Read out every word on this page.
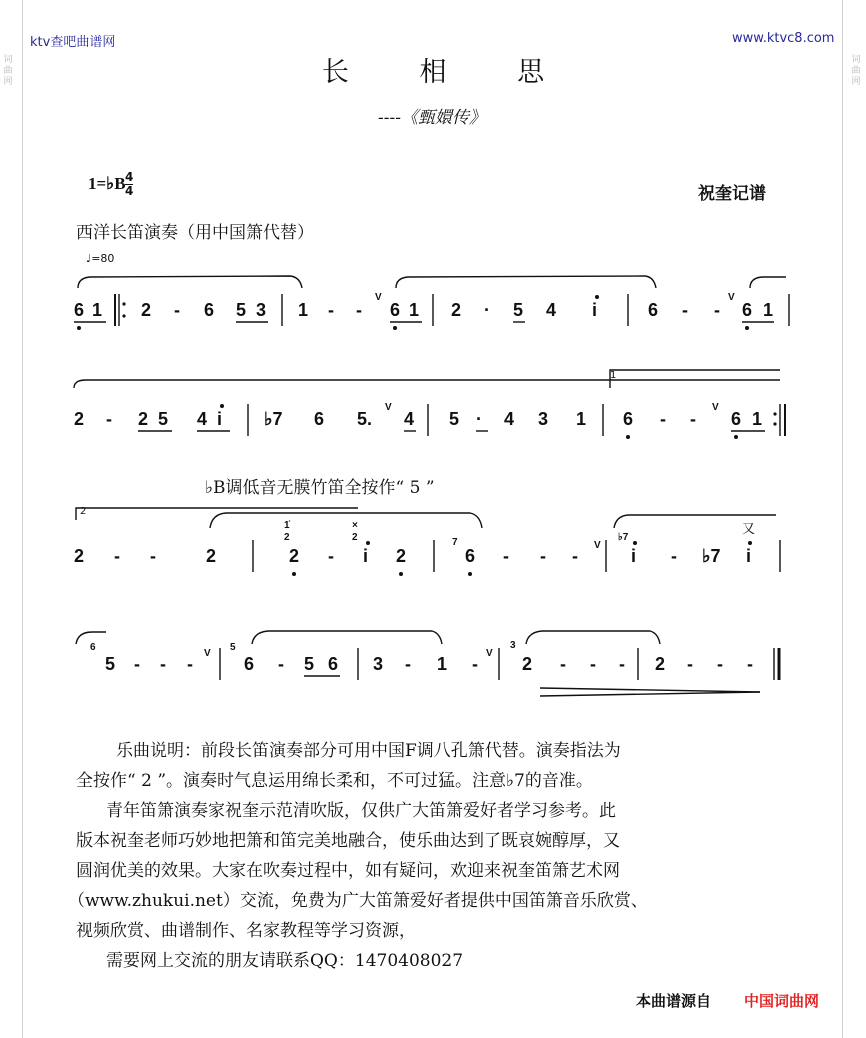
词
曲
网
词
曲
网
ktv查吧曲谱网	www.ktvc8.com
长	相	思
----《甄嬛传》
1=♭B 4
4	祝奎记谱
西洋长笛演奏（用中国箫代替）
♩=80
6 1 2 - 6 5 3 1 - - 6 1 2 · 5 4 i	6 - - 6 1
2 - 2 5 4 i ♭7 6 5. 4 5 · 4 3 1 6 - - 6 1
♭B调低音无膜竹笛全按作“ 5 ”
2 - -	2	2 - i 2	6 - - -	i - ♭7 i
又
5 - - -	6 - 5 6 3 - 1 - 2 - - - 2 - - -
1
2
1̇
2
×
2	7	♭7
6	5	3
V	V
V	V
V
V	V
乐曲说明：前段长笛演奏部分可用中国F调八孔箫代替。演奏指法为
全按作“ 2 ”。演奏时气息运用绵长柔和，不可过猛。注意♭7的音准。
青年笛箫演奏家祝奎示范清吹版，仅供广大笛箫爱好者学习参考。此
版本祝奎老师巧妙地把箫和笛完美地融合，使乐曲达到了既哀婉醇厚，又
圆润优美的效果。大家在吹奏过程中，如有疑问，欢迎来祝奎笛箫艺术网
（www.zhukui.net）交流，免费为广大笛箫爱好者提供中国笛箫音乐欣赏、
视频欣赏、曲谱制作、名家教程等学习资源，
需要网上交流的朋友请联系QQ：1470408027
本曲谱源自 中国词曲网
